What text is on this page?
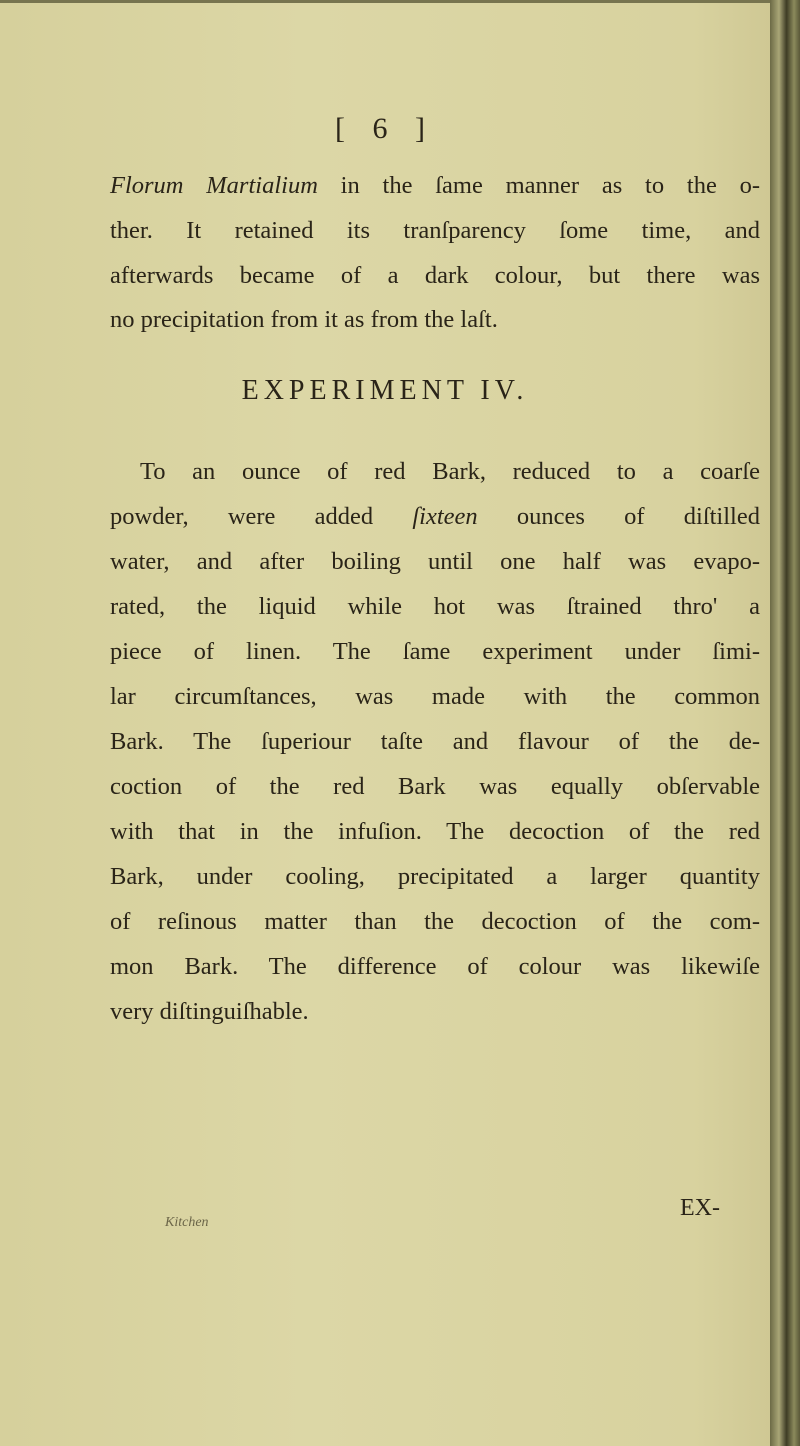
[ 6 ]
Florum Martialium in the ſame manner as to the o-
ther. It retained its tranſparency ſome time, and
afterwards became of a dark colour, but there was
no precipitation from it as from the laſt.
EXPERIMENT IV.
To an ounce of red Bark, reduced to a coarſe
powder, were added ſixteen ounces of diſtilled
water, and after boiling until one half was evapo-
rated, the liquid while hot was ſtrained thro' a
piece of linen. The ſame experiment under ſimi-
lar circumſtances, was made with the common
Bark. The ſuperiour taſte and flavour of the de-
coction of the red Bark was equally obſervable
with that in the infuſion. The decoction of the red
Bark, under cooling, precipitated a larger quantity
of reſinous matter than the decoction of the com-
mon Bark. The difference of colour was likewiſe
very diſtinguiſhable.
EX-
Kitchen
